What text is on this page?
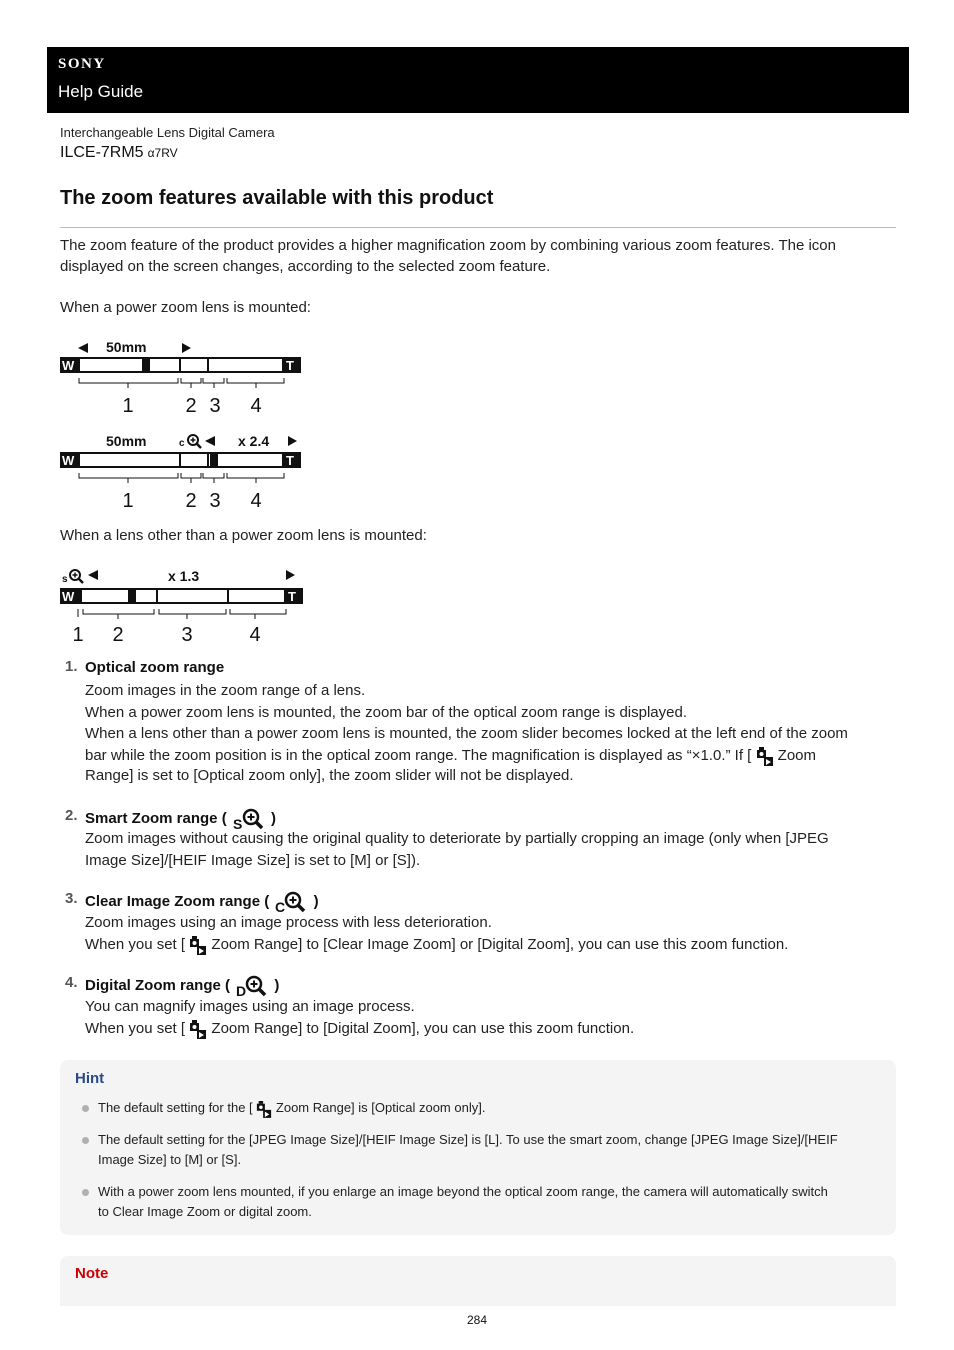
SONY
Help Guide
Interchangeable Lens Digital Camera
ILCE-7RM5 α7RV
The zoom features available with this product
The zoom feature of the product provides a higher magnification zoom by combining various zoom features. The icon
displayed on the screen changes, according to the selected zoom feature.
When a power zoom lens is mounted:
50mm
W	T
1	2 3 4
50mm	c	x 2.4
W	T
1	2 3 4
When a lens other than a power zoom lens is mounted:
s	x 1.3
W	T
1 2	3	4
1. Optical zoom range
Zoom images in the zoom range of a lens.
When a power zoom lens is mounted, the zoom bar of the optical zoom range is displayed.
When a lens other than a power zoom lens is mounted, the zoom slider becomes locked at the left end of the zoom
bar while the zoom position is in the optical zoom range. The magnification is displayed as “×1.0.” If [ Zoom
Range] is set to [Optical zoom only], the zoom slider will not be displayed.
2. Smart Zoom range ( S )
Zoom images without causing the original quality to deteriorate by partially cropping an image (only when [JPEG
Image Size]/[HEIF Image Size] is set to [M] or [S]).
3. Clear Image Zoom range ( C )
Zoom images using an image process with less deterioration.
When you set [ Zoom Range] to [Clear Image Zoom] or [Digital Zoom], you can use this zoom function.
4. Digital Zoom range ( D )
You can magnify images using an image process.
When you set [ Zoom Range] to [Digital Zoom], you can use this zoom function.
Hint
The default setting for the [ Zoom Range] is [Optical zoom only].
The default setting for the [JPEG Image Size]/[HEIF Image Size] is [L]. To use the smart zoom, change [JPEG Image Size]/[HEIF
Image Size] to [M] or [S].
With a power zoom lens mounted, if you enlarge an image beyond the optical zoom range, the camera will automatically switch
to Clear Image Zoom or digital zoom.
Note
284
